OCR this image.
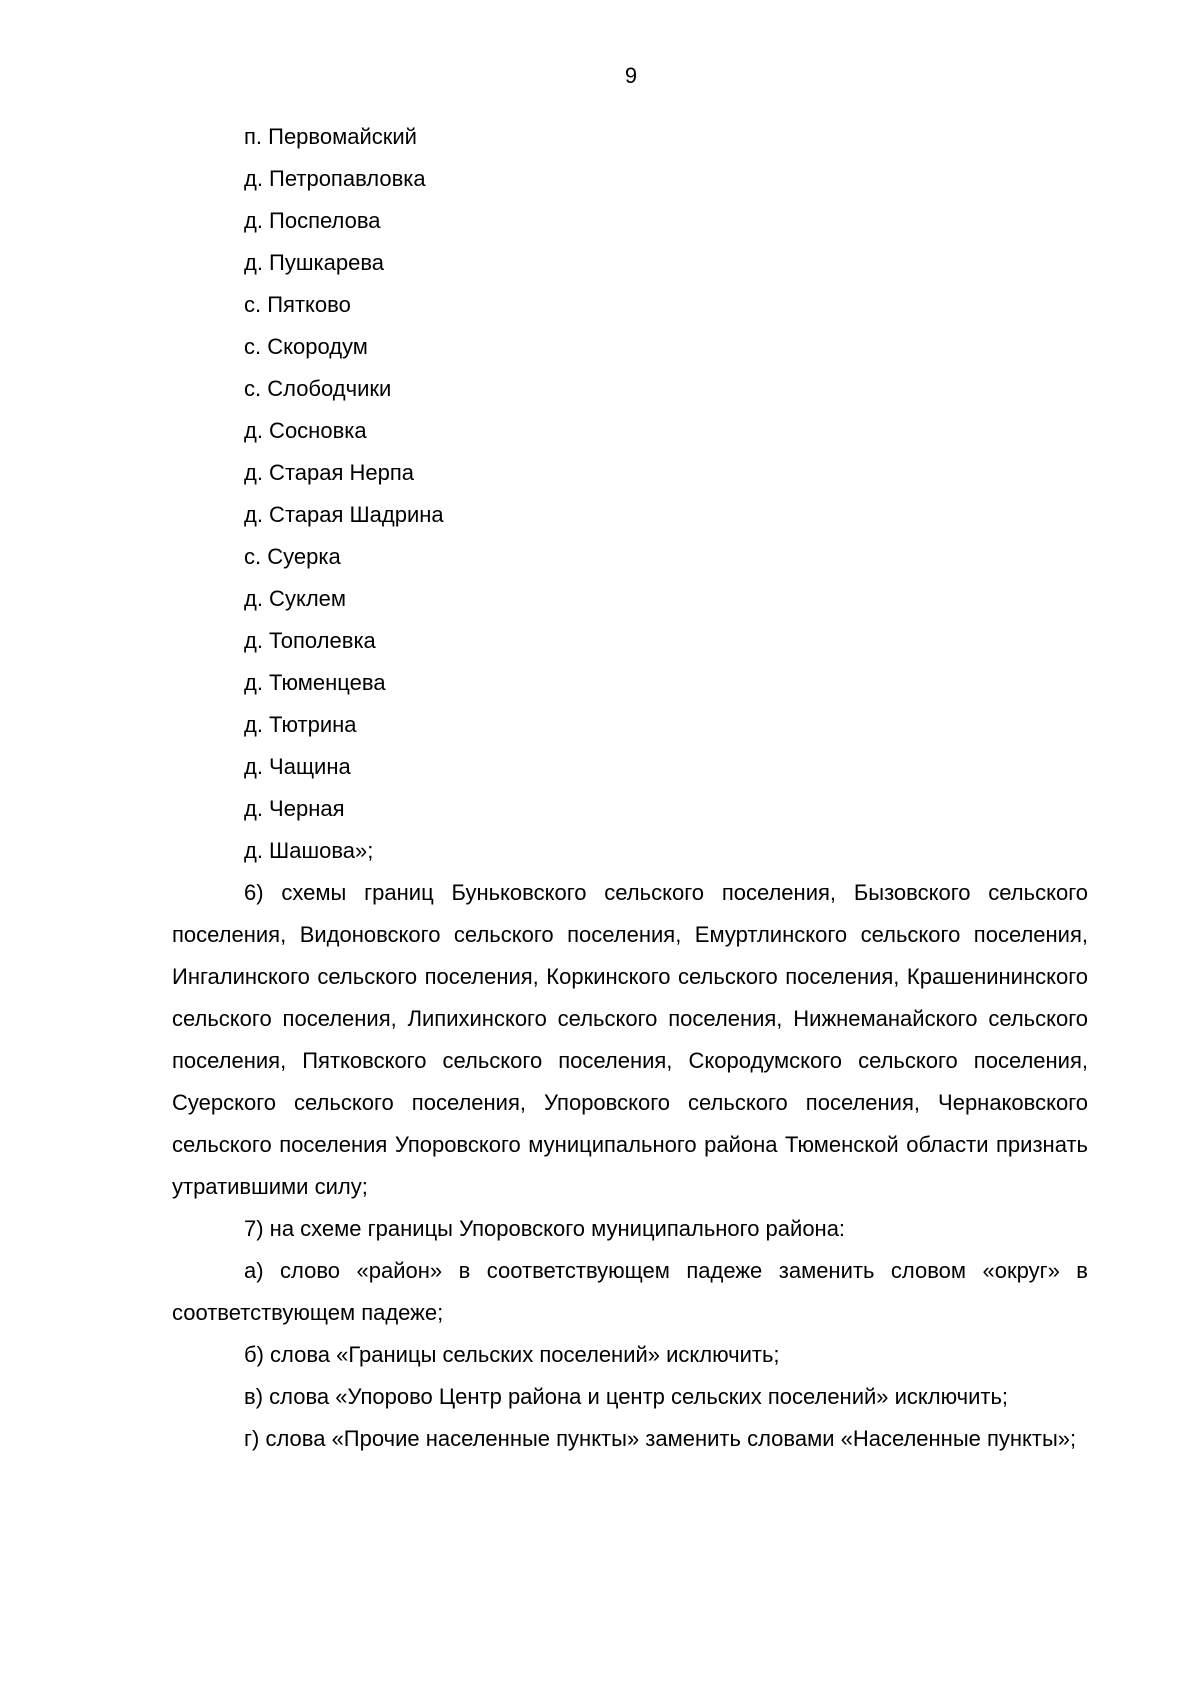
9

п. Первомайский

д. Петропавловка

д. Поспелова

д. Пушкарева

с. Пятково

с. Скородум

с. Слободчики

д. Сосновка

д. Старая Нерпа

д. Старая Шадрина

с. Суерка

д. Суклем

д. Тополевка

д. Тюменцева

д. Тютрина

д. Чащина

д. Черная

д. Шашова»;

6) схемы границ Буньковского сельского поселения, Бызовского сельского поселения, Видоновского сельского поселения, Емуртлинского сельского поселения, Ингалинского сельского поселения, Коркинского сельского поселения, Крашенининского сельского поселения, Липихинского сельского поселения, Нижнеманайского сельского поселения, Пятковского сельского поселения, Скородумского сельского поселения, Суерского сельского поселения, Упоровского сельского поселения, Чернаковского сельского поселения Упоровского муниципального района Тюменской области признать утратившими силу;

7) на схеме границы Упоровского муниципального района:

а) слово «район» в соответствующем падеже заменить словом «округ» в соответствующем падеже;

б) слова «Границы сельских поселений» исключить;

в) слова «Упорово Центр района и центр сельских поселений» исключить;

г) слова «Прочие населенные пункты» заменить словами «Населенные пункты»;
